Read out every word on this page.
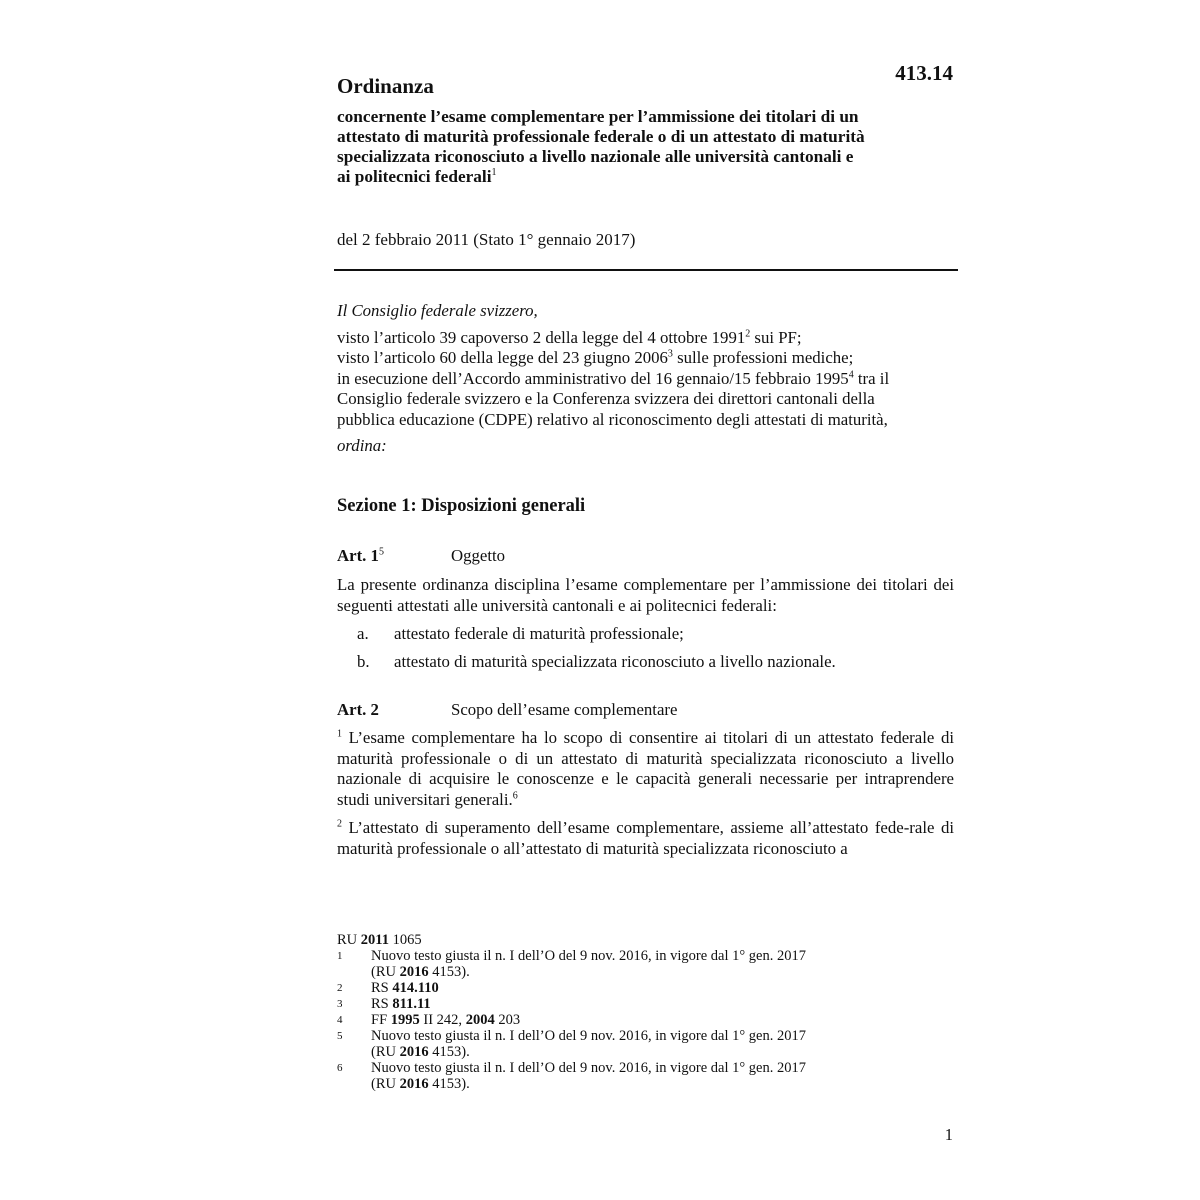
413.14
Ordinanza

concernente l’esame complementare per l’ammissione dei titolari di un

attestato di maturità professionale federale o di un attestato di maturità

specializzata riconosciuto a livello nazionale alle università cantonali e

ai politecnici federali$^1$

del 2 febbraio 2011 (Stato 1° gennaio 2017)

Il Consiglio federale svizzero,

visto l’articolo 39 capoverso 2 della legge del 4 ottobre 1991$^2$ sui PF;

visto l’articolo 60 della legge del 23 giugno 2006$^3$ sulle professioni mediche;

in esecuzione dell’Accordo amministrativo del 16 gennaio/15 febbraio 1995$^4$ tra il

Consiglio federale svizzero e la Conferenza svizzera dei direttori cantonali della

pubblica educazione (CDPE) relativo al riconoscimento degli attestati di maturità,

ordina:

Sezione 1: Disposizioni generali
Art. $1^5$	Oggetto

La presente ordinanza disciplina l’esame complementare per l’ammissione dei titolari dei seguenti attestati alle università cantonali e ai politecnici federali:

a. attestato federale di maturità professionale;
b. attestato di maturità specializzata riconosciuto a livello nazionale.
Art. 2	Scopo dell’esame complementare

$^1$ L’esame complementare ha lo scopo di consentire ai titolari di un attestato federale di maturità professionale o di un attestato di maturità specializzata riconosciuto a livello nazionale di acquisire le conoscenze e le capacità generali necessarie per intraprendere studi universitari generali.$^6$

$^2$ L’attestato di superamento dell’esame complementare, assieme all’attestato fede-rale di maturità professionale o all’attestato di maturità specializzata riconosciuto a

RU 2011 1065
1	Nuovo testo giusta il n. I dell’O del 9 nov. 2016, in vigore dal 1° gen. 2017
(RU 2016 4153).
2	RS 414.110
3	RS 811.11
4	FF 1995 II 242, 2004 203
5	Nuovo testo giusta il n. I dell’O del 9 nov. 2016, in vigore dal 1° gen. 2017
(RU 2016 4153).
6	Nuovo testo giusta il n. I dell’O del 9 nov. 2016, in vigore dal 1° gen. 2017
(RU 2016 4153).
1
